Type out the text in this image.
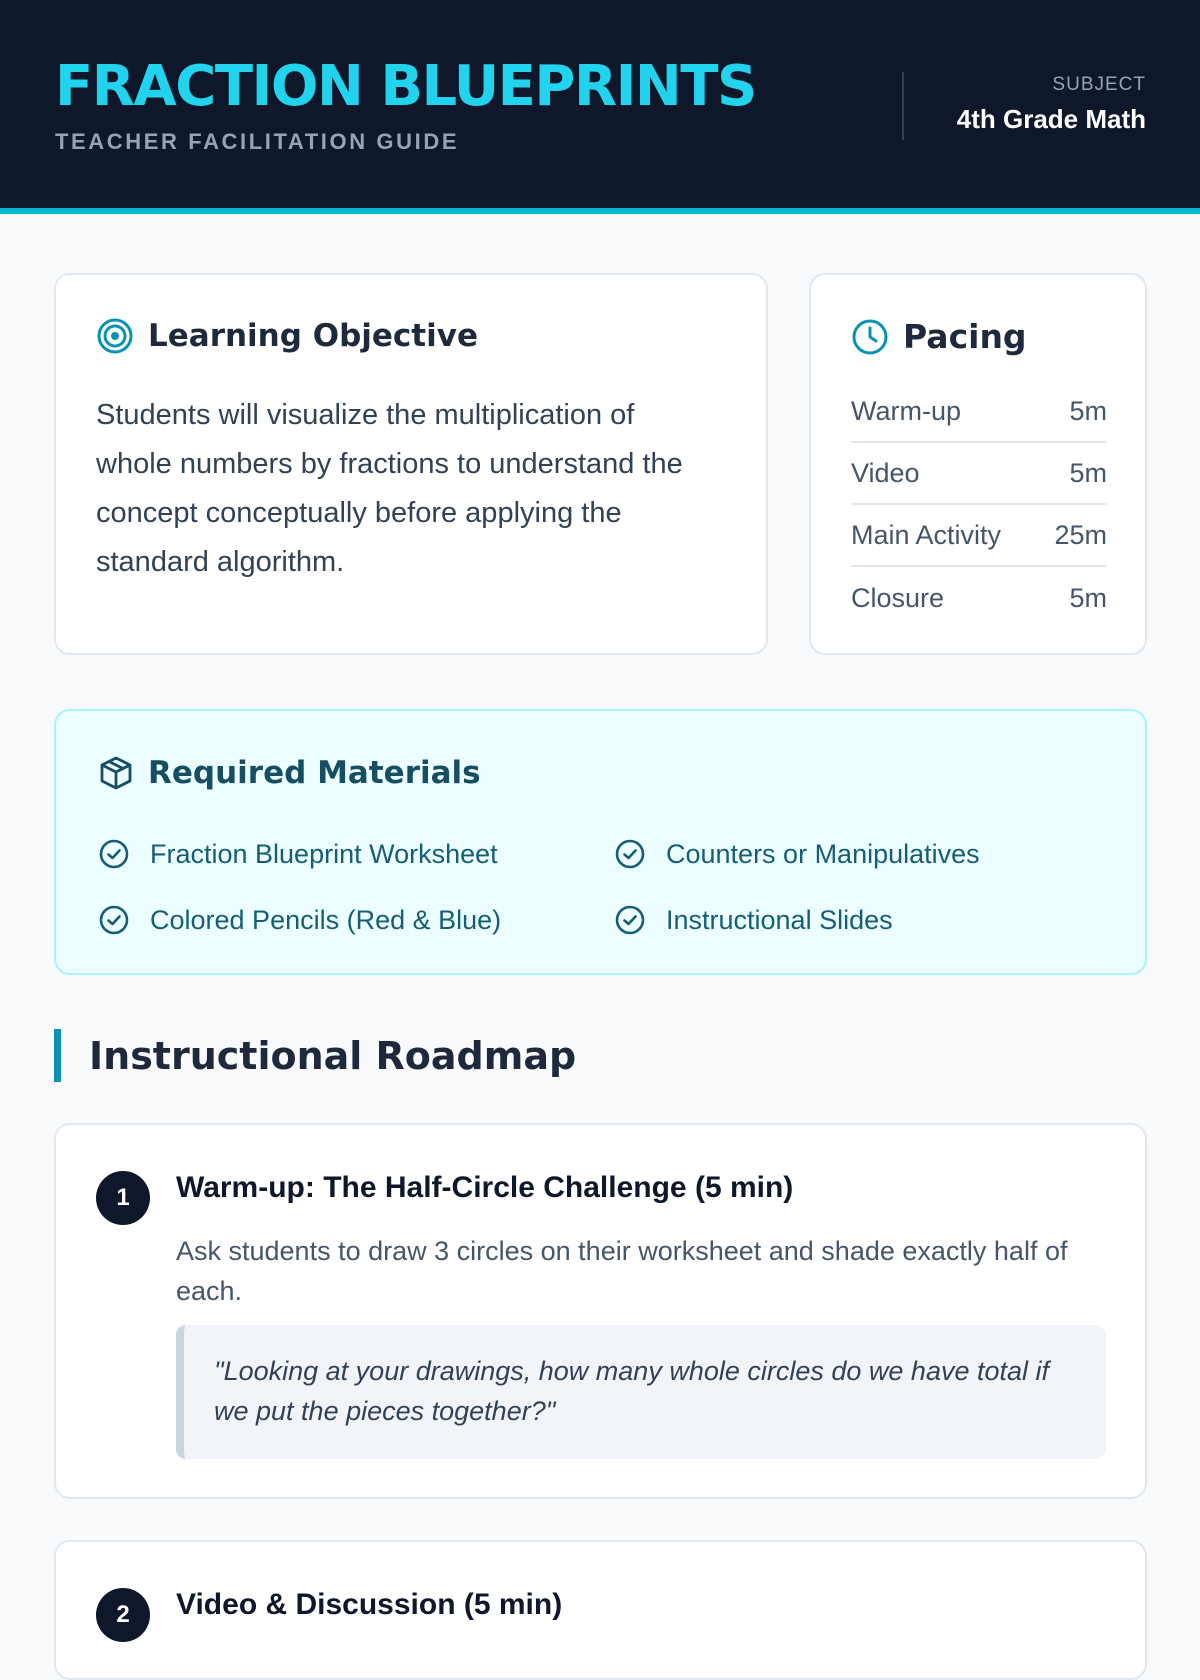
FRACTION BLUEPRINTS
TEACHER FACILITATION GUIDE
SUBJECT
4th Grade Math
Learning Objective

Students will visualize the multiplication of whole numbers by fractions to understand the concept conceptually before applying the standard algorithm.

Pacing
Warm-up	5m
Video	5m
Main Activity 25m
Closure	5m
Required Materials
Fraction Blueprint Worksheet	Counters or Manipulatives
Colored Pencils (Red & Blue)	Instructional Slides
Instructional Roadmap
1	Warm-up: The Half-Circle Challenge (5 min)

Ask students to draw 3 circles on their worksheet and shade exactly half of each.

"Looking at your drawings, how many whole circles do we have total if we put the pieces together?"
2	Video & Discussion (5 min)
